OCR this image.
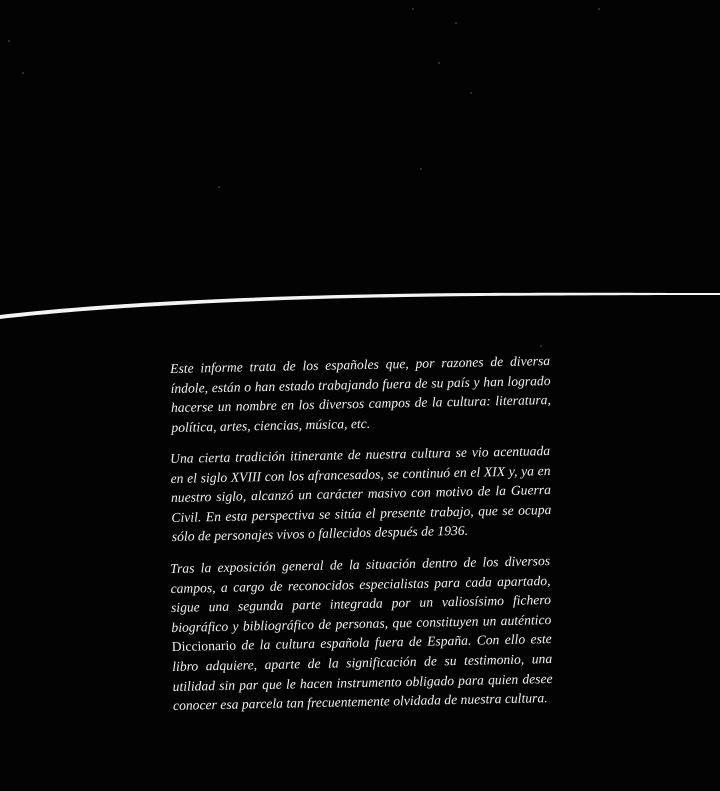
Este informe trata de los españoles que, por razones de diversa índole, están o han estado trabajando fuera de su país y han logrado hacerse un nombre en los diversos campos de la cultura: literatura, política, artes, ciencias, música, etc.

Una cierta tradición itinerante de nuestra cultura se vio acentuada en el siglo XVIII con los afrancesados, se continuó en el XIX y, ya en nuestro siglo, alcanzó un carácter masivo con motivo de la Guerra Civil. En esta perspectiva se sitúa el presente trabajo, que se ocupa sólo de personajes vivos o fallecidos después de 1936.

Tras la exposición general de la situación dentro de los diversos campos, a cargo de reconocidos especialistas para cada apartado, sigue una segunda parte integrada por un valiosísimo fichero biográfico y bibliográfico de personas, que constituyen un auténtico Diccionario de la cultura española fuera de España. Con ello este libro adquiere, aparte de la significación de su testimonio, una utilidad sin par que le hacen instrumento obligado para quien desee conocer esa parcela tan frecuentemente olvidada de nuestra cultura.
